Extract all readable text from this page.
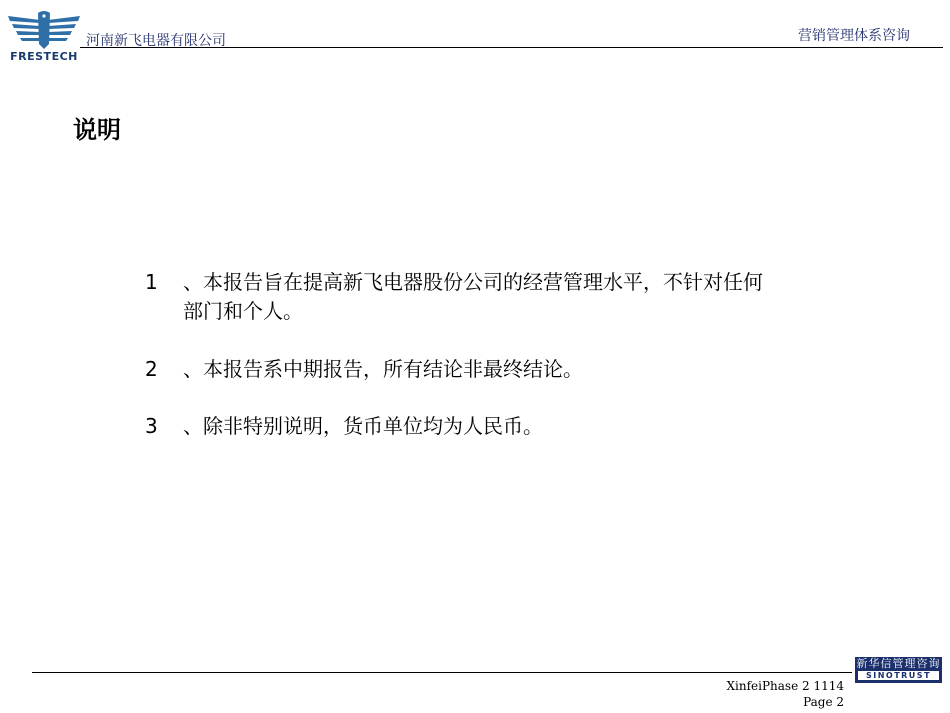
FRESTECH
河南新飞电器有限公司	营销管理体系咨询
说明
1 、本报告旨在提高新飞电器股份公司的经营管理水平，不针对任何
部门和个人。
2 、本报告系中期报告，所有结论非最终结论。
3 、除非特别说明，货币单位均为人民币。
XinfeiPhase 2 1114
Page 2
新华信管理咨询
SINOTRUST
